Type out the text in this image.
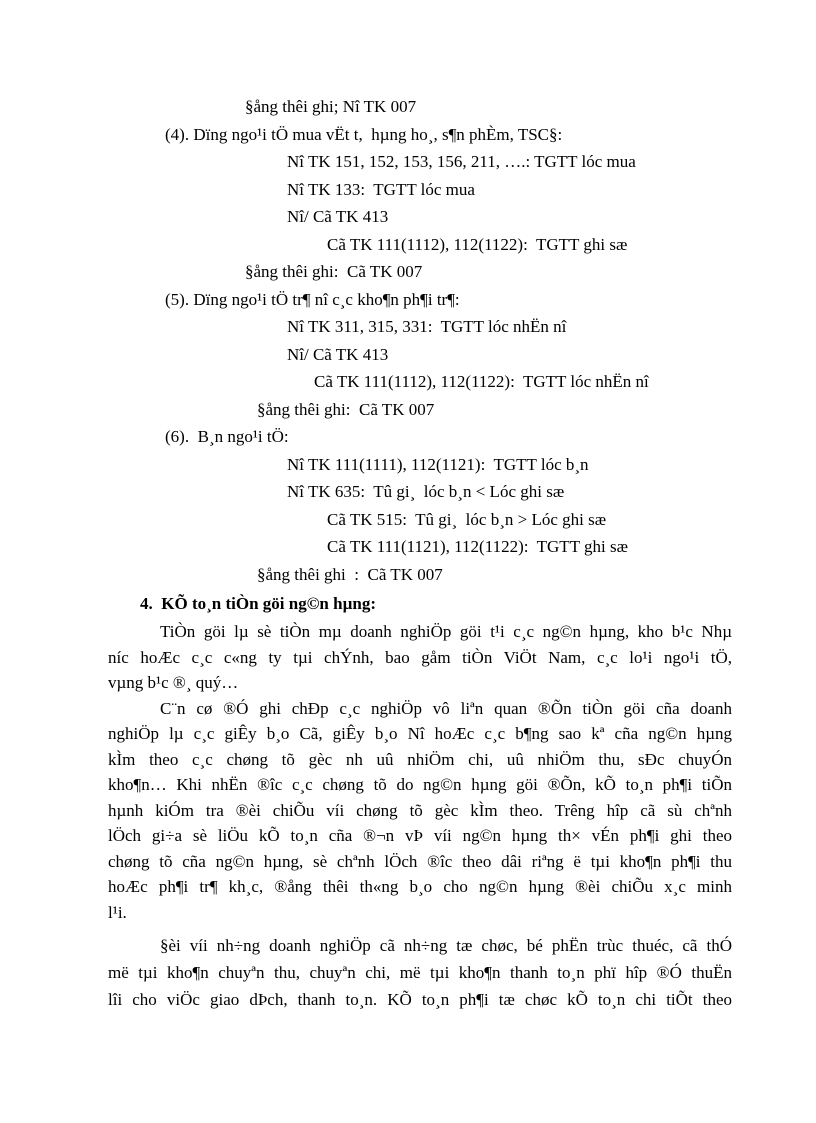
§ång thêi ghi; Nî TK 007
(4). Dïng ngo¹i tÖ mua vËt t,  hµng ho¸, s¶n phÈm, TSC§:
Nî TK 151, 152, 153, 156, 211, ….: TGTT lóc mua
Nî TK 133:  TGTT lóc mua
Nî/ Cã TK 413
Cã TK 111(1112), 112(1122):  TGTT ghi sæ
§ång thêi ghi:  Cã TK 007
(5). Dïng ngo¹i tÖ tr¶ nî c¸c kho¶n ph¶i tr¶:
Nî TK 311, 315, 331:  TGTT lóc nhËn nî
Nî/ Cã TK 413
Cã TK 111(1112), 112(1122):  TGTT lóc nhËn nî
§ång thêi ghi:  Cã TK 007
(6).  B¸n ngo¹i tÖ:
Nî TK 111(1111), 112(1121):  TGTT lóc b¸n
Nî TK 635:  Tû gi¸  lóc b¸n < Lóc ghi sæ
Cã TK 515:  Tû gi¸  lóc b¸n > Lóc ghi sæ
Cã TK 111(1121), 112(1122):  TGTT ghi sæ
§ång thêi ghi  :  Cã TK 007
4.  KÕ to¸n tiÒn göi ng©n hµng:
TiÒn göi lµ sè tiÒn mµ doanh nghiÖp göi t¹i c¸c ng©n hµng, kho b¹c Nhµ
níc hoÆc c¸c c«ng ty tµi chÝnh, bao gåm tiÒn ViÖt Nam, c¸c lo¹i ngo¹i tÖ,
vµng b¹c ®¸ quý…
C¨n cø ®Ó ghi chÐp c¸c nghiÖp vô liªn quan ®Õn tiÒn göi cña doanh
nghiÖp lµ c¸c giÊy b¸o Cã, giÊy b¸o Nî hoÆc c¸c b¶ng sao kª cña ng©n hµng
kÌm theo c¸c chøng tõ gèc nh uû nhiÖm chi, uû nhiÖm thu, sÐc chuyÓn
kho¶n… Khi nhËn ®îc c¸c chøng tõ do ng©n hµng göi ®Õn, kÕ to¸n ph¶i tiÕn
hµnh kiÓm tra ®èi chiÕu víi chøng tõ gèc kÌm theo. Trêng hîp cã sù chªnh
lÖch gi÷a sè liÖu kÕ to¸n cña ®¬n vÞ víi ng©n hµng th× vÉn ph¶i ghi theo
chøng tõ cña ng©n hµng, sè chªnh lÖch ®îc theo dâi riªng ë tµi kho¶n ph¶i thu
hoÆc ph¶i tr¶ kh¸c, ®ång thêi th«ng b¸o cho ng©n hµng ®èi chiÕu x¸c minh
l¹i.
§èi víi nh÷ng doanh nghiÖp cã nh÷ng tæ chøc, bé phËn trùc thuéc, cã thÓ
më tµi kho¶n chuyªn thu, chuyªn chi, më tµi kho¶n thanh to¸n phï hîp ®Ó thuËn
lîi cho viÖc giao dÞch, thanh to¸n. KÕ to¸n ph¶i tæ chøc kÕ to¸n chi tiÕt theo
